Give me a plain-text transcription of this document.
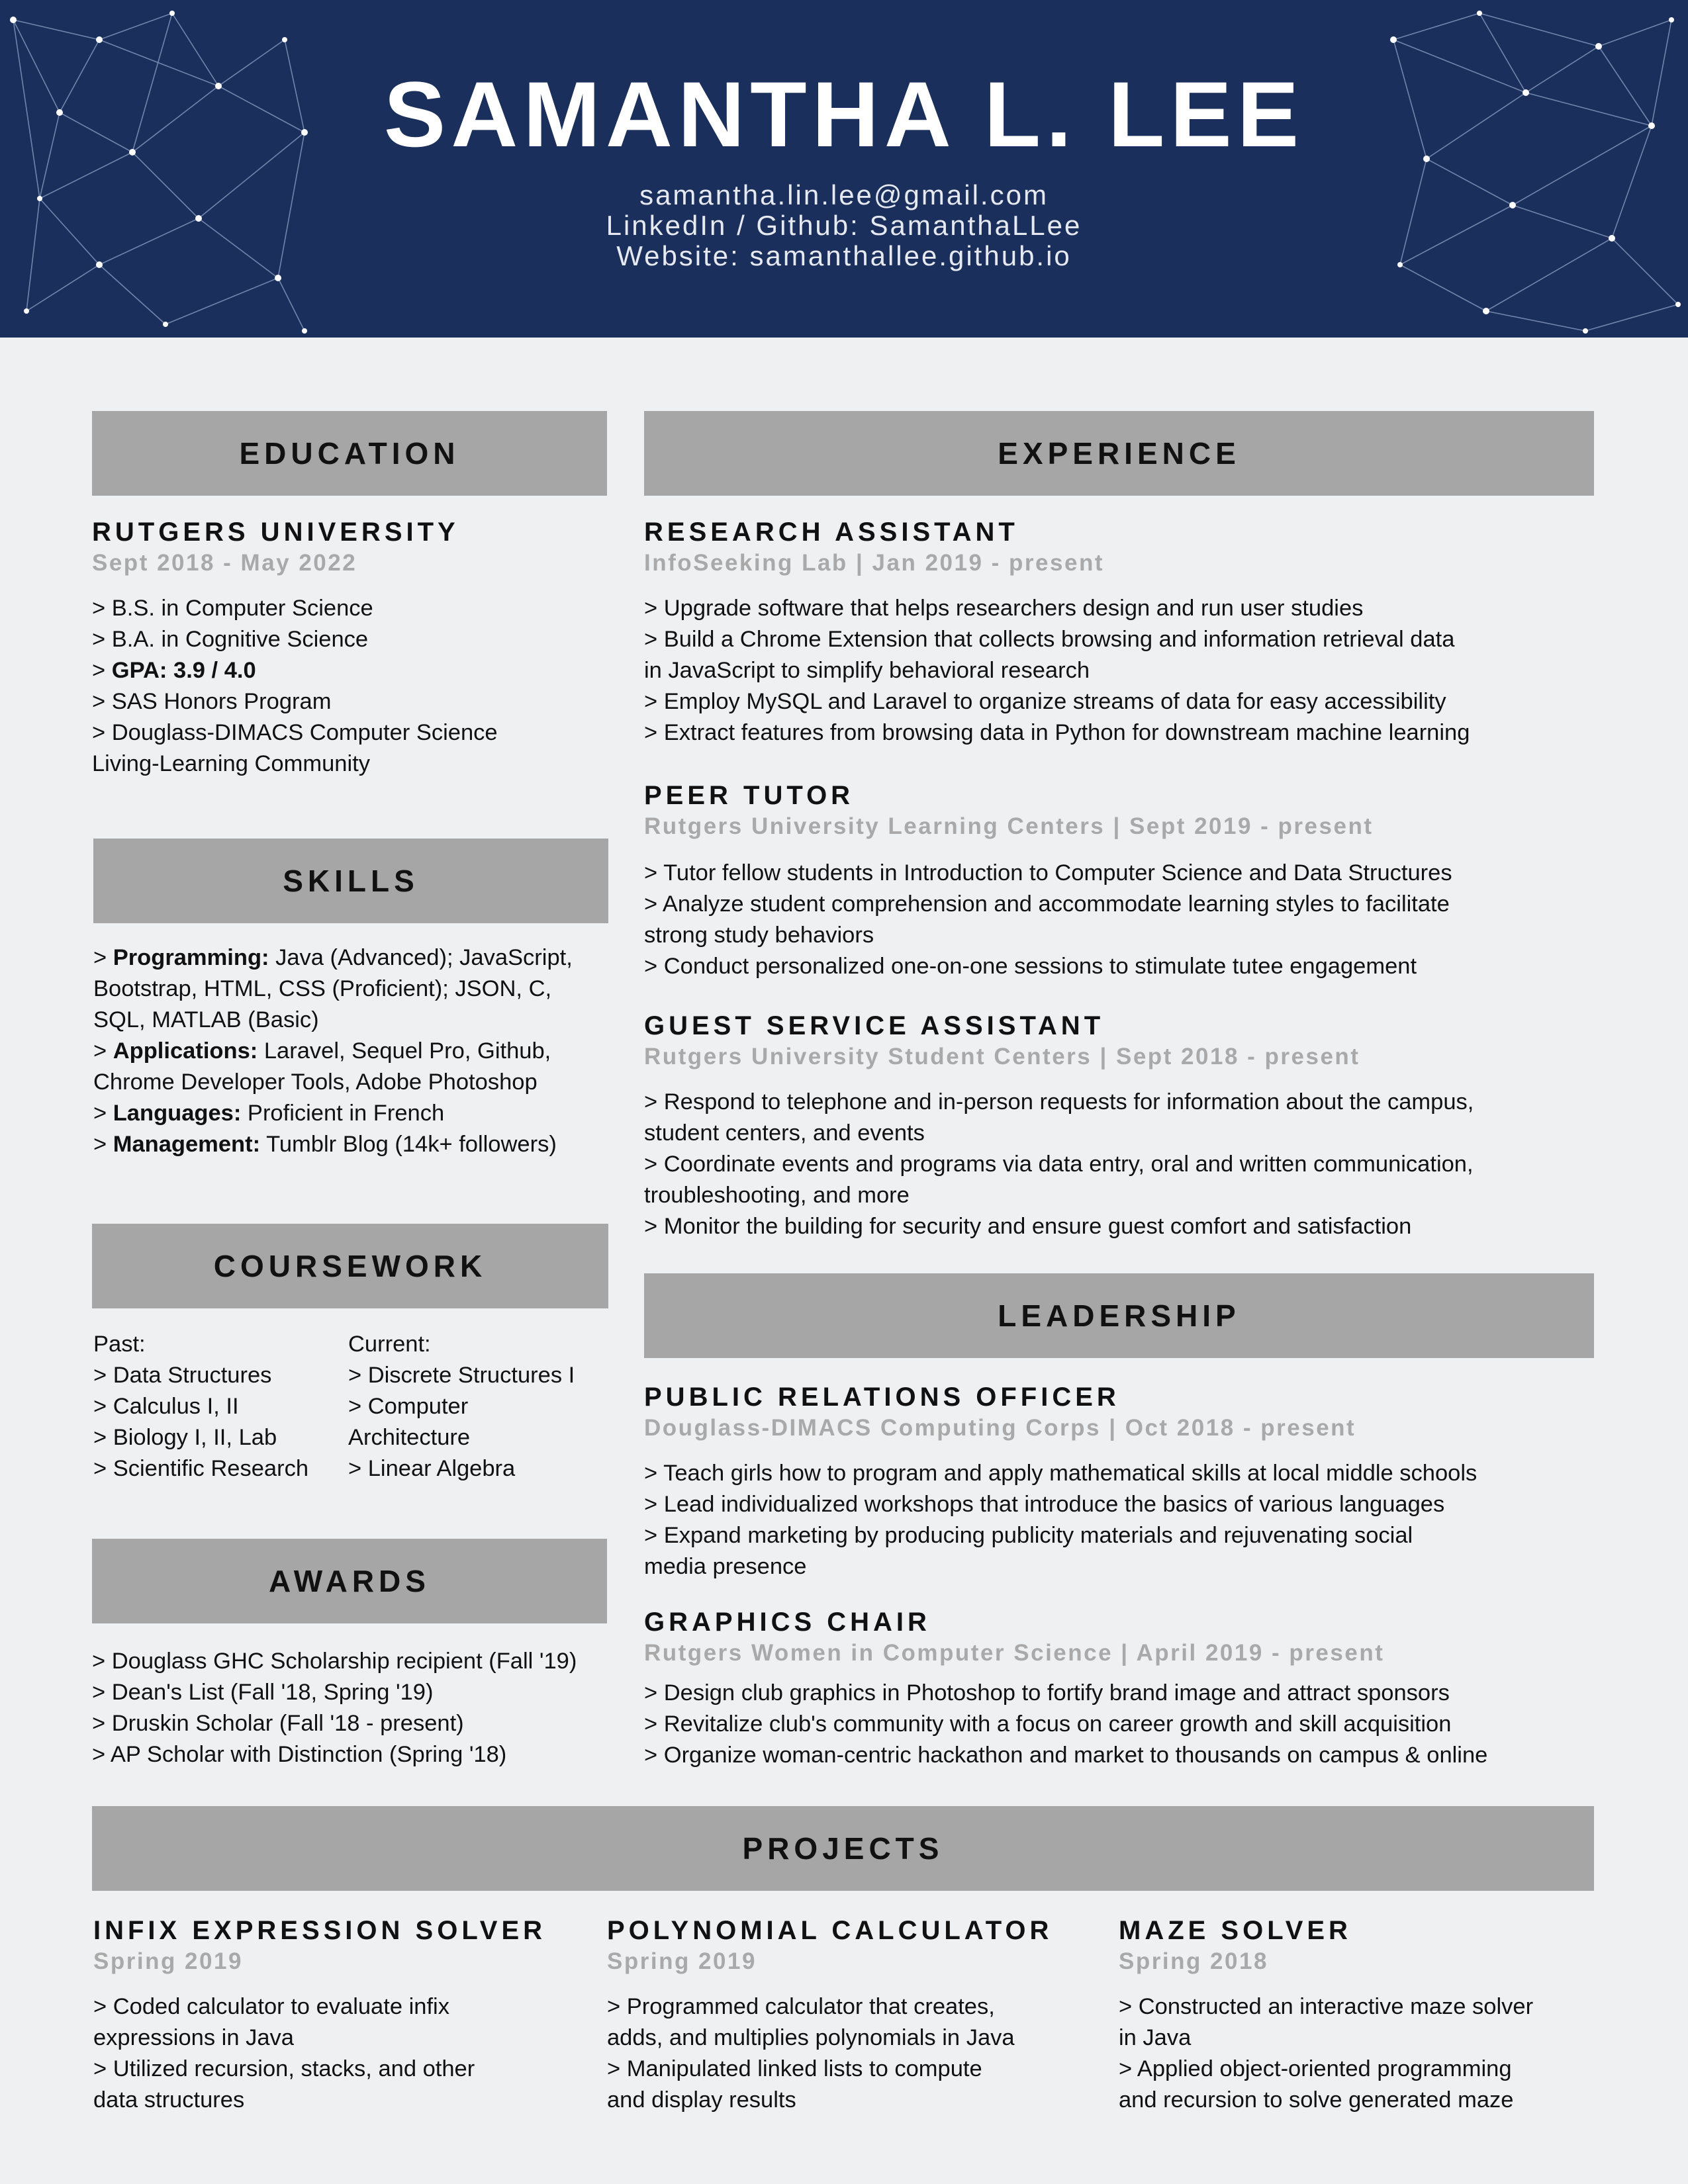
SAMANTHA L. LEE
samantha.lin.lee@gmail.com
LinkedIn / Github: SamanthaLLee
Website: samanthallee.github.io
EDUCATION
RUTGERS UNIVERSITY
Sept 2018 - May 2022
> B.S. in Computer Science
> B.A. in Cognitive Science
> GPA: 3.9 / 4.0
> SAS Honors Program
> Douglass-DIMACS Computer Science
Living-Learning Community
SKILLS
> Programming: Java (Advanced); JavaScript,
Bootstrap, HTML, CSS (Proficient); JSON, C,
SQL, MATLAB (Basic)
> Applications: Laravel, Sequel Pro, Github,
Chrome Developer Tools, Adobe Photoshop
> Languages: Proficient in French
> Management: Tumblr Blog (14k+ followers)
COURSEWORK
Past:
> Data Structures
> Calculus I, II
> Biology I, II, Lab
> Scientific Research
Current:
> Discrete Structures I
> Computer
Architecture
> Linear Algebra
AWARDS
> Douglass GHC Scholarship recipient (Fall '19)
> Dean's List (Fall '18, Spring '19)
> Druskin Scholar (Fall '18 - present)
> AP Scholar with Distinction (Spring '18)
EXPERIENCE
RESEARCH ASSISTANT
InfoSeeking Lab | Jan 2019 - present
> Upgrade software that helps researchers design and run user studies
> Build a Chrome Extension that collects browsing and information retrieval data
in JavaScript to simplify behavioral research
> Employ MySQL and Laravel to organize streams of data for easy accessibility
> Extract features from browsing data in Python for downstream machine learning
PEER TUTOR
Rutgers University Learning Centers | Sept 2019 - present
> Tutor fellow students in Introduction to Computer Science and Data Structures
> Analyze student comprehension and accommodate learning styles to facilitate
strong study behaviors
> Conduct personalized one-on-one sessions to stimulate tutee engagement
GUEST SERVICE ASSISTANT
Rutgers University Student Centers | Sept 2018 - present
> Respond to telephone and in-person requests for information about the campus,
student centers, and events
> Coordinate events and programs via data entry, oral and written communication,
troubleshooting, and more
> Monitor the building for security and ensure guest comfort and satisfaction
LEADERSHIP
PUBLIC RELATIONS OFFICER
Douglass-DIMACS Computing Corps | Oct 2018 - present
> Teach girls how to program and apply mathematical skills at local middle schools
> Lead individualized workshops that introduce the basics of various languages
> Expand marketing by producing publicity materials and rejuvenating social
media presence
GRAPHICS CHAIR
Rutgers Women in Computer Science | April 2019 - present
> Design club graphics in Photoshop to fortify brand image and attract sponsors
> Revitalize club's community with a focus on career growth and skill acquisition
> Organize woman-centric hackathon and market to thousands on campus & online
PROJECTS
INFIX EXPRESSION SOLVER
Spring 2019
> Coded calculator to evaluate infix
expressions in Java
> Utilized recursion, stacks, and other
data structures
POLYNOMIAL CALCULATOR
Spring 2019
> Programmed calculator that creates,
adds, and multiplies polynomials in Java
> Manipulated linked lists to compute
and display results
MAZE SOLVER
Spring 2018
> Constructed an interactive maze solver
in Java
> Applied object-oriented programming
and recursion to solve generated maze
